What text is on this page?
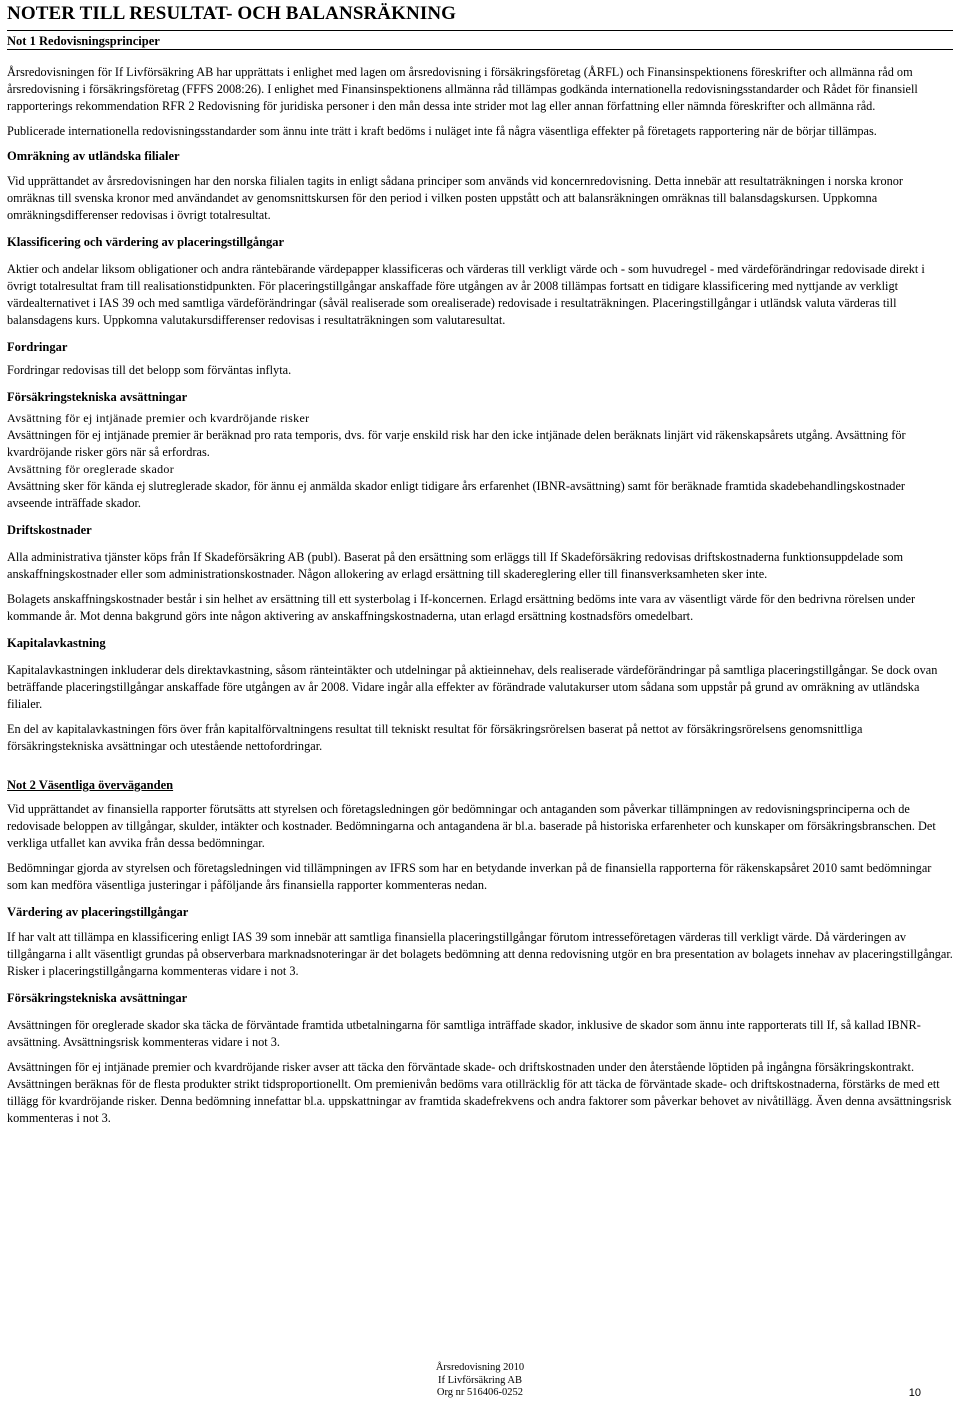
NOTER TILL RESULTAT- OCH BALANSRÄKNING
Not 1 Redovisningsprinciper

Årsredovisningen för If Livförsäkring AB har upprättats i enlighet med lagen om årsredovisning i försäkringsföretag (ÅRFL) och Finansinspektionens föreskrifter och allmänna råd om årsredovisning i försäkringsföretag (FFFS 2008:26). I enlighet med Finansinspektionens allmänna råd tillämpas godkända internationella redovisningsstandarder och Rådet för finansiell rapporterings rekommendation RFR 2 Redovisning för juridiska personer i den mån dessa inte strider mot lag eller annan författning eller nämnda föreskrifter och allmänna råd.

Publicerade internationella redovisningsstandarder som ännu inte trätt i kraft bedöms i nuläget inte få några väsentliga effekter på företagets rapportering när de börjar tillämpas.

Omräkning av utländska filialer

Vid upprättandet av årsredovisningen har den norska filialen tagits in enligt sådana principer som används vid koncernredovisning. Detta innebär att resultaträkningen i norska kronor omräknas till svenska kronor med användandet av genomsnittskursen för den period i vilken posten uppstått och att balansräkningen omräknas till balansdagskursen. Uppkomna omräkningsdifferenser redovisas i övrigt totalresultat.

Klassificering och värdering av placeringstillgångar

Aktier och andelar liksom obligationer och andra räntebärande värdepapper klassificeras och värderas till verkligt värde och - som huvudregel - med värdeförändringar redovisade direkt i övrigt totalresultat fram till realisationstidpunkten. För placeringstillgångar anskaffade före utgången av år 2008 tillämpas fortsatt en tidigare klassificering med nyttjande av verkligt värdealternativet i IAS 39 och med samtliga värdeförändringar (såväl realiserade som orealiserade) redovisade i resultaträkningen. Placeringstillgångar i utländsk valuta värderas till balansdagens kurs. Uppkomna valutakursdifferenser redovisas i resultaträkningen som valutaresultat.

Fordringar

Fordringar redovisas till det belopp som förväntas inflyta.

Försäkringstekniska avsättningar
Avsättning för ej intjänade premier och kvardröjande risker

Avsättningen för ej intjänade premier är beräknad pro rata temporis, dvs. för varje enskild risk har den icke intjänade delen beräknats linjärt vid räkenskapsårets utgång. Avsättning för kvardröjande risker görs när så erfordras.

Avsättning för oreglerade skador

Avsättning sker för kända ej slutreglerade skador, för ännu ej anmälda skador enligt tidigare års erfarenhet (IBNR-avsättning) samt för beräknade framtida skadebehandlingskostnader avseende inträffade skador.

Driftskostnader

Alla administrativa tjänster köps från If Skadeförsäkring AB (publ). Baserat på den ersättning som erläggs till If Skadeförsäkring redovisas driftskostnaderna funktionsuppdelade som anskaffningskostnader eller som administrationskostnader. Någon allokering av erlagd ersättning till skadereglering eller till finansverksamheten sker inte.

Bolagets anskaffningskostnader består i sin helhet av ersättning till ett systerbolag i If-koncernen. Erlagd ersättning bedöms inte vara av väsentligt värde för den bedrivna rörelsen under kommande år. Mot denna bakgrund görs inte någon aktivering av anskaffningskostnaderna, utan erlagd ersättning kostnadsförs omedelbart.

Kapitalavkastning

Kapitalavkastningen inkluderar dels direktavkastning, såsom ränteintäkter och utdelningar på aktieinnehav, dels realiserade värdeförändringar på samtliga placeringstillgångar. Se dock ovan beträffande placeringstillgångar anskaffade före utgången av år 2008. Vidare ingår alla effekter av förändrade valutakurser utom sådana som uppstår på grund av omräkning av utländska filialer.

En del av kapitalavkastningen förs över från kapitalförvaltningens resultat till tekniskt resultat för försäkringsrörelsen baserat på nettot av försäkringsrörelsens genomsnittliga försäkringstekniska avsättningar och utestående nettofordringar.

Not 2 Väsentliga överväganden

Vid upprättandet av finansiella rapporter förutsätts att styrelsen och företagsledningen gör bedömningar och antaganden som påverkar tillämpningen av redovisningsprinciperna och de redovisade beloppen av tillgångar, skulder, intäkter och kostnader. Bedömningarna och antagandena är bl.a. baserade på historiska erfarenheter och kunskaper om försäkringsbranschen. Det verkliga utfallet kan avvika från dessa bedömningar.

Bedömningar gjorda av styrelsen och företagsledningen vid tillämpningen av IFRS som har en betydande inverkan på de finansiella rapporterna för räkenskapsåret 2010 samt bedömningar som kan medföra väsentliga justeringar i påföljande års finansiella rapporter kommenteras nedan.

Värdering av placeringstillgångar

If har valt att tillämpa en klassificering enligt IAS 39 som innebär att samtliga finansiella placeringstillgångar förutom intresseföretagen värderas till verkligt värde. Då värderingen av tillgångarna i allt väsentligt grundas på observerbara marknadsnoteringar är det bolagets bedömning att denna redovisning utgör en bra presentation av bolagets innehav av placeringstillgångar. Risker i placeringstillgångarna kommenteras vidare i not 3.

Försäkringstekniska avsättningar

Avsättningen för oreglerade skador ska täcka de förväntade framtida utbetalningarna för samtliga inträffade skador, inklusive de skador som ännu inte rapporterats till If, så kallad IBNR-avsättning. Avsättningsrisk kommenteras vidare i not 3.

Avsättningen för ej intjänade premier och kvardröjande risker avser att täcka den förväntade skade- och driftskostnaden under den återstående löptiden på ingångna försäkringskontrakt. Avsättningen beräknas för de flesta produkter strikt tidsproportionellt. Om premienivån bedöms vara otillräcklig för att täcka de förväntade skade- och driftskostnaderna, förstärks de med ett tillägg för kvardröjande risker. Denna bedömning innefattar bl.a. uppskattningar av framtida skadefrekvens och andra faktorer som påverkar behovet av nivåtillägg. Även denna avsättningsrisk kommenteras i not 3.

Årsredovisning 2010
If Livförsäkring AB
Org nr 516406-0252	10
